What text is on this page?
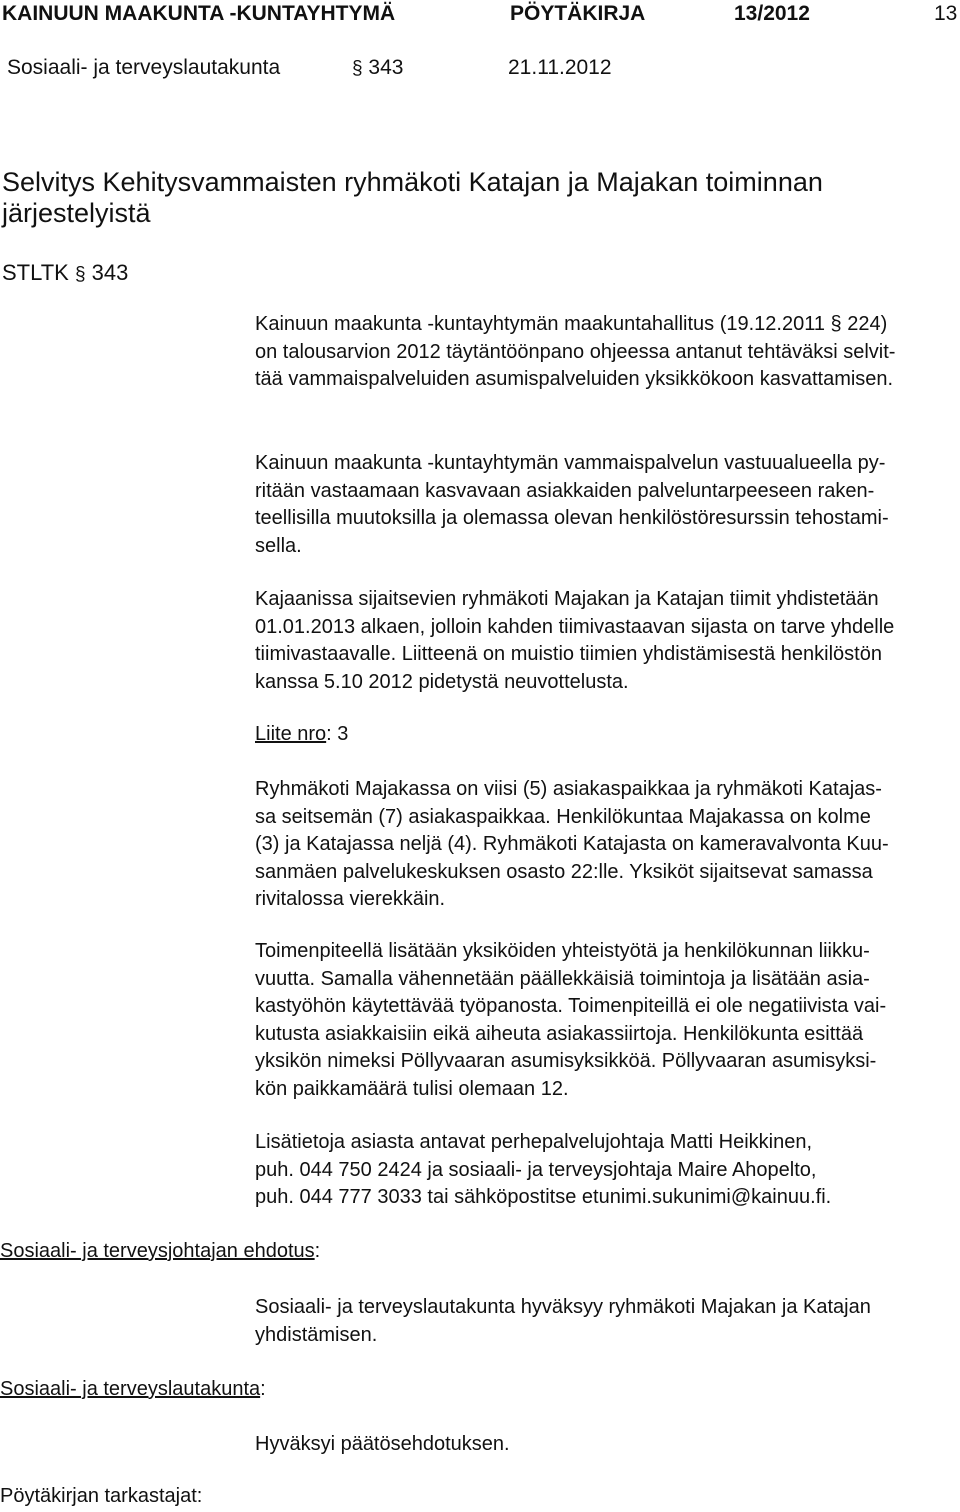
KAINUUN MAAKUNTA -KUNTAYHTYMÄ	PÖYTÄKIRJA	13/2012	13
Sosiaali- ja terveyslautakunta	§ 343	21.11.2012
Selvitys Kehitysvammaisten ryhmäkoti Katajan ja Majakan toiminnan järjestelyistä
STLTK § 343
Kainuun maakunta -kuntayhtymän maakuntahallitus (19.12.2011 § 224)
on talousarvion 2012 täytäntöönpano ohjeessa antanut tehtäväksi selvit-
tää vammaispalveluiden asumispalveluiden yksikkökoon kasvattamisen.
Kainuun maakunta -kuntayhtymän vammaispalvelun vastuualueella py-
ritään vastaamaan kasvavaan asiakkaiden palveluntarpeeseen raken-
teellisilla muutoksilla ja olemassa olevan henkilöstöresurssin tehostami-
sella.
Kajaanissa sijaitsevien ryhmäkoti Majakan ja Katajan tiimit yhdistetään
01.01.2013 alkaen, jolloin kahden tiimivastaavan sijasta on tarve yhdelle
tiimivastaavalle. Liitteenä on muistio tiimien yhdistämisestä henkilöstön
kanssa 5.10 2012 pidetystä neuvottelusta.
Liite nro: 3
Ryhmäkoti Majakassa on viisi (5) asiakaspaikkaa ja ryhmäkoti Katajas-
sa seitsemän (7) asiakaspaikkaa. Henkilökuntaa Majakassa on kolme
(3) ja Katajassa neljä (4). Ryhmäkoti Katajasta on kameravalvonta Kuu-
sanmäen palvelukeskuksen osasto 22:lle. Yksiköt sijaitsevat samassa
rivitalossa vierekkäin.
Toimenpiteellä lisätään yksiköiden yhteistyötä ja henkilökunnan liikku-
vuutta. Samalla vähennetään päällekkäisiä toimintoja ja lisätään asia-
kastyöhön käytettävää työpanosta. Toimenpiteillä ei ole negatiivista vai-
kutusta asiakkaisiin eikä aiheuta asiakassiirtoja. Henkilökunta esittää
yksikön nimeksi Pöllyvaaran asumisyksikköä. Pöllyvaaran asumisyksi-
kön paikkamäärä tulisi olemaan 12.
Lisätietoja asiasta antavat perhepalvelujohtaja Matti Heikkinen,
puh. 044 750 2424 ja sosiaali- ja terveysjohtaja Maire Ahopelto,
puh. 044 777 3033 tai sähköpostitse etunimi.sukunimi@kainuu.fi.
Sosiaali- ja terveysjohtajan ehdotus:
Sosiaali- ja terveyslautakunta hyväksyy ryhmäkoti Majakan ja Katajan
yhdistämisen.
Sosiaali- ja terveyslautakunta:
Hyväksyi päätösehdotuksen.
Pöytäkirjan tarkastajat:
